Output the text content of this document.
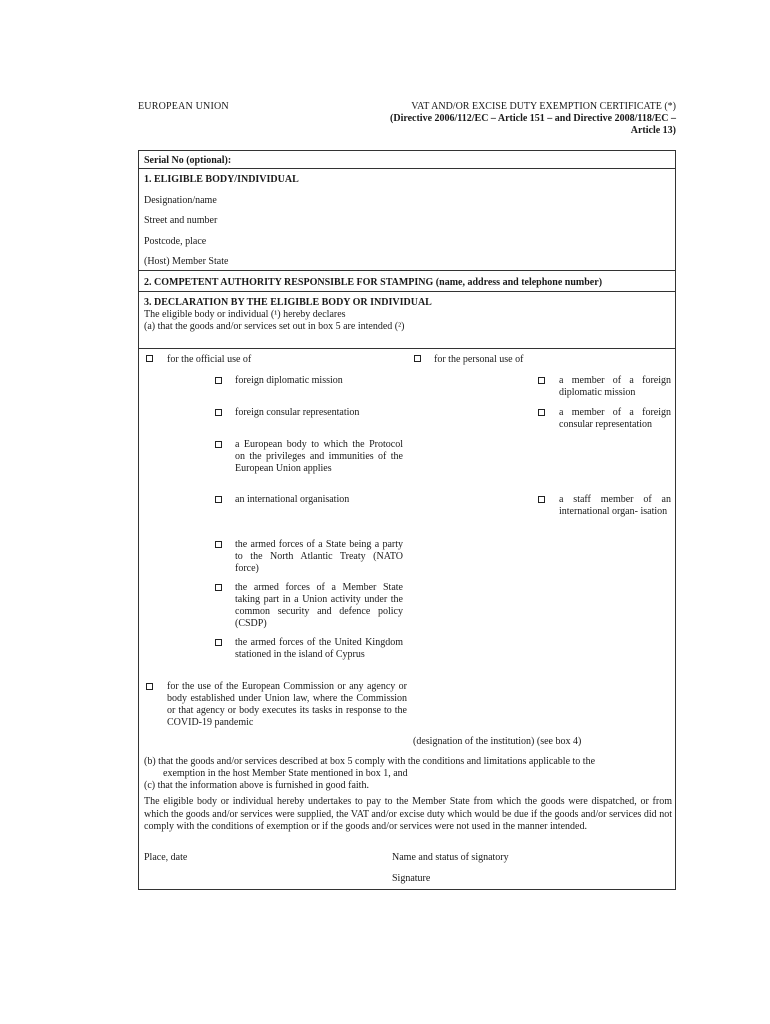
EUROPEAN UNION	VAT AND/OR EXCISE DUTY EXEMPTION CERTIFICATE (*)
(Directive 2006/112/EC – Article 151 – and Directive 2008/118/EC –
Article 13)
Serial No (optional):
1. ELIGIBLE BODY/INDIVIDUAL
Designation/name
Street and number
Postcode, place
(Host) Member State
2. COMPETENT AUTHORITY RESPONSIBLE FOR STAMPING (name, address and telephone number)
3. DECLARATION BY THE ELIGIBLE BODY OR INDIVIDUAL
The eligible body or individual (¹) hereby declares
(a) that the goods and/or services set out in box 5 are intended (²)
for the official use of
foreign diplomatic mission
foreign consular representation
a European body to which the Protocol on the privileges and immunities of the European Union applies
an international organisation
the armed forces of a State being a party to the North Atlantic Treaty (NATO force)
the armed forces of a Member State taking part in a Union activity under the common security and defence policy (CSDP)
the armed forces of the United Kingdom stationed in the island of Cyprus
for the personal use of
a member of a foreign diplomatic mission
a member of a foreign consular representation
a staff member of an international organ- isation
for the use of the European Commission or any agency or body established under Union law, where the Commission or that agency or body executes its tasks in response to the COVID-19 pandemic
(designation of the institution) (see box 4)
(b) that the goods and/or services described at box 5 comply with the conditions and limitations applicable to the
exemption in the host Member State mentioned in box 1, and
(c) that the information above is furnished in good faith.
The eligible body or individual hereby undertakes to pay to the Member State from which the goods were dispatched, or from which the goods and/or services were supplied, the VAT and/or excise duty which would be due if the goods and/or services did not comply with the conditions of exemption or if the goods and/or services were not used in the manner intended.
Place, date	Name and status of signatory
Signature
